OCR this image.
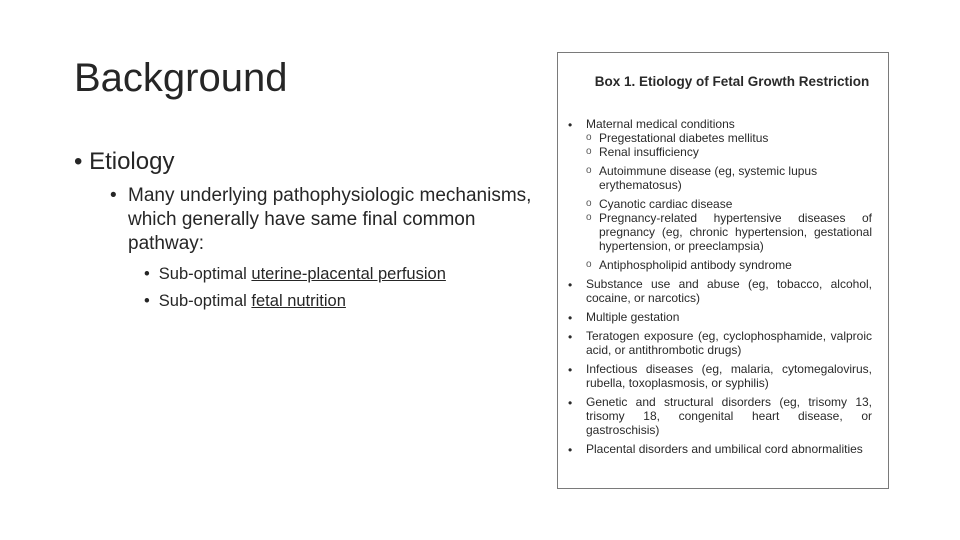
Background
• Etiology
• Many underlying pathophysiologic mechanisms, which generally have same final common pathway:
• Sub-optimal uterine-placental perfusion
• Sub-optimal fetal nutrition
Box 1. Etiology of Fetal Growth Restriction
• Maternal medical conditions
o Pregestational diabetes mellitus
o Renal insufficiency
o Autoimmune disease (eg, systemic lupus erythematosus)
o Cyanotic cardiac disease
o Pregnancy-related hypertensive diseases of pregnancy (eg, chronic hypertension, gestational hypertension, or preeclampsia)
o Antiphospholipid antibody syndrome
• Substance use and abuse (eg, tobacco, alcohol, cocaine, or narcotics)
• Multiple gestation
• Teratogen exposure (eg, cyclophosphamide, valproic acid, or antithrombotic drugs)
• Infectious diseases (eg, malaria, cytomegalovirus, rubella, toxoplasmosis, or syphilis)
• Genetic and structural disorders (eg, trisomy 13, trisomy 18, congenital heart disease, or gastroschisis)
• Placental disorders and umbilical cord abnormalities
